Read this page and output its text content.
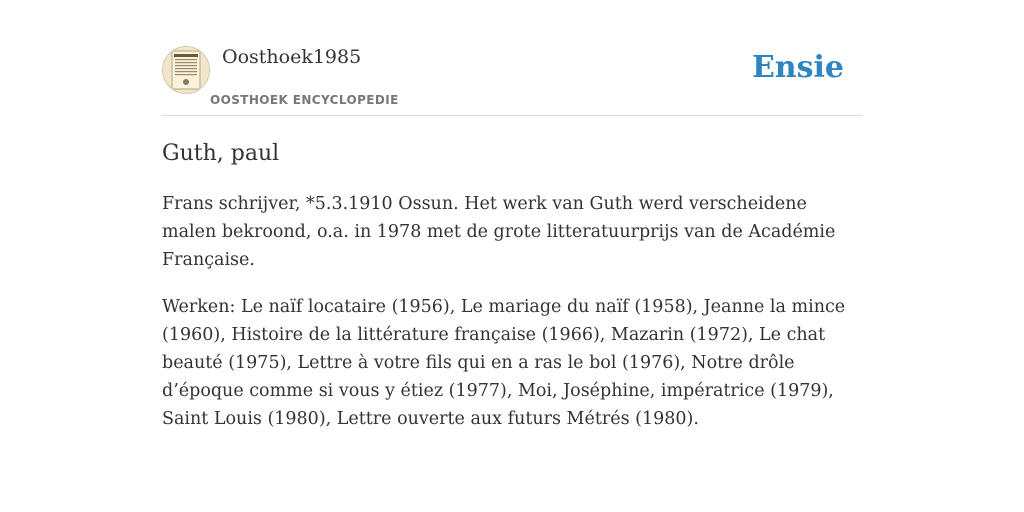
Oosthoek1985
OOSTHOEK ENCYCLOPEDIE
Ensie
Guth, paul

Frans schrijver, *5.3.1910 Ossun. Het werk van Guth werd verscheidene malen bekroond, o.a. in 1978 met de grote litteratuurprijs van de Académie Française.

Werken: Le naïf locataire (1956), Le mariage du naïf (1958), Jeanne la mince (1960), Histoire de la littérature française (1966), Mazarin (1972), Le chat beauté (1975), Lettre à votre fils qui en a ras le bol (1976), Notre drôle d’époque comme si vous y étiez (1977), Moi, Joséphine, impératrice (1979), Saint Louis (1980), Lettre ouverte aux futurs Métrés (1980).
